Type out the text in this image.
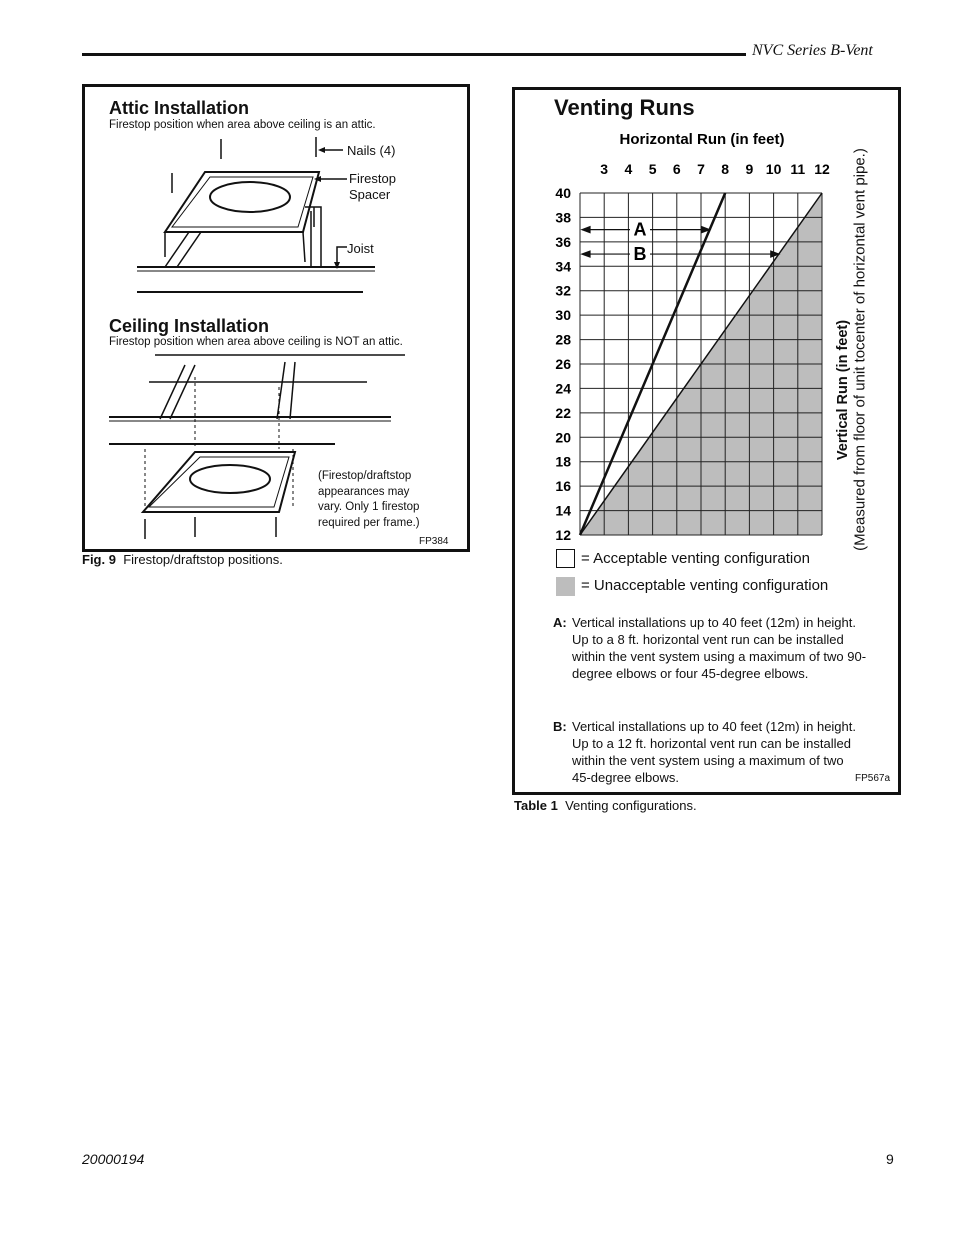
NVC Series B-Vent
Attic Installation
Firestop position when area above ceiling is an attic.
Nails (4)
Firestop
Spacer
Joist
Ceiling Installation
Firestop position when area above ceiling is NOT an attic.
(Firestop/draftstop
appearances may
vary. Only 1 firestop
required per frame.)
FP384
Fig. 9 Firestop/draftstop positions.
Venting Runs
3 4 5 6 7 8 9 10 11 12
12
14
16
18
20
22
24
26
28
30
32
34
36
38
40
A
B
Horizontal Run (in feet)
Vertical Run (in feet) (Measured from floor of unit tocenter of horizontal vent pipe.)
= Acceptable venting configuration
= Unacceptable venting configuration
A: Vertical installations up to 40 feet (12m) in height. Up to a 8 ft. horizontal vent run can be installed within the vent system using a maximum of two 90-degree elbows or four 45-degree elbows.
B: Vertical installations up to 40 feet (12m) in height. Up to a 12 ft. horizontal vent run can be installed within the vent system using a maximum of two 45-degree elbows.	FP567a
Table 1 Venting configurations.
20000194	9
